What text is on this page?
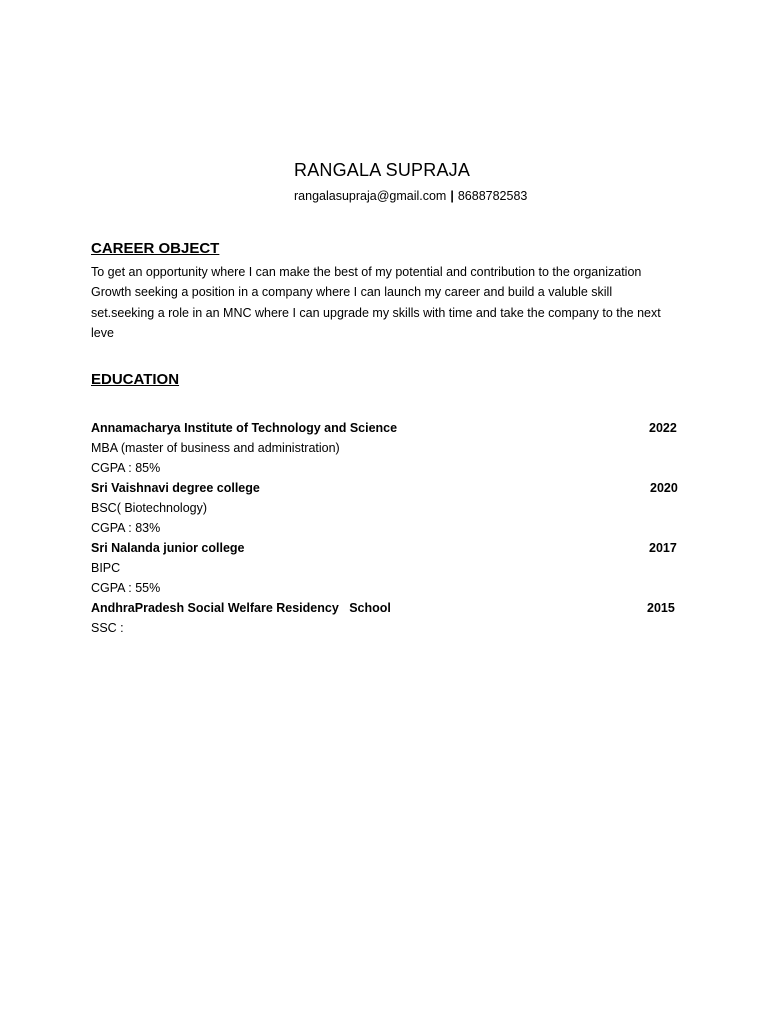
RANGALA SUPRAJA
rangalasupraja@gmail.com | 8688782583
CAREER OBJECT
To get an opportunity where I can make the best of my potential and contribution to the organization
Growth seeking a position in a company where I can launch my career and build a valuble skill
set.seeking a role in an MNC where I can upgrade my skills with time and take the company to the next
leve
EDUCATION
Annamacharya Institute of Technology and Science	2022
MBA (master of business and administration)
CGPA : 85%
Sri Vaishnavi degree college	2020
BSC( Biotechnology)
CGPA : 83%
Sri Nalanda junior college	2017
BIPC
CGPA : 55%
AndhraPradesh Social Welfare Residency   School	2015
SSC :
